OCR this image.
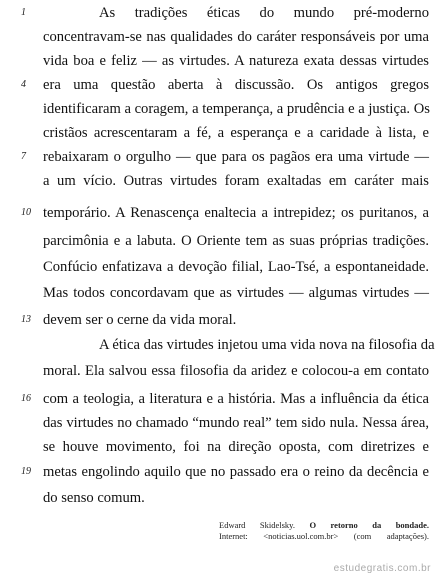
1
4
7
10
13
16
19
As tradições éticas do mundo pré-moderno
concentravam-se nas qualidades do caráter responsáveis por uma
vida boa e feliz — as virtudes. A natureza exata dessas virtudes
era uma questão aberta à discussão. Os antigos gregos
identificaram a coragem, a temperança, a prudência e a justiça. Os
cristãos acrescentaram a fé, a esperança e a caridade à lista, e
rebaixaram o orgulho — que para os pagãos era uma virtude —
a um vício. Outras virtudes foram exaltadas em caráter mais
temporário. A Renascença enaltecia a intrepidez; os puritanos, a
parcimônia e a labuta. O Oriente tem as suas próprias tradições.
Confúcio enfatizava a devoção filial, Lao-Tsé, a espontaneidade.
Mas todos concordavam que as virtudes — algumas virtudes —
devem ser o cerne da vida moral.
A ética das virtudes injetou uma vida nova na filosofia da
moral. Ela salvou essa filosofia da aridez e colocou-a em contato
com a teologia, a literatura e a história. Mas a influência da ética
das virtudes no chamado “mundo real” tem sido nula. Nessa área,
se houve movimento, foi na direção oposta, com diretrizes e
metas engolindo aquilo que no passado era o reino da decência e
do senso comum.
Edward Skidelsky. O retorno da bondade.
Internet: <noticias.uol.com.br> (com adaptações).
estudegratis.com.br
